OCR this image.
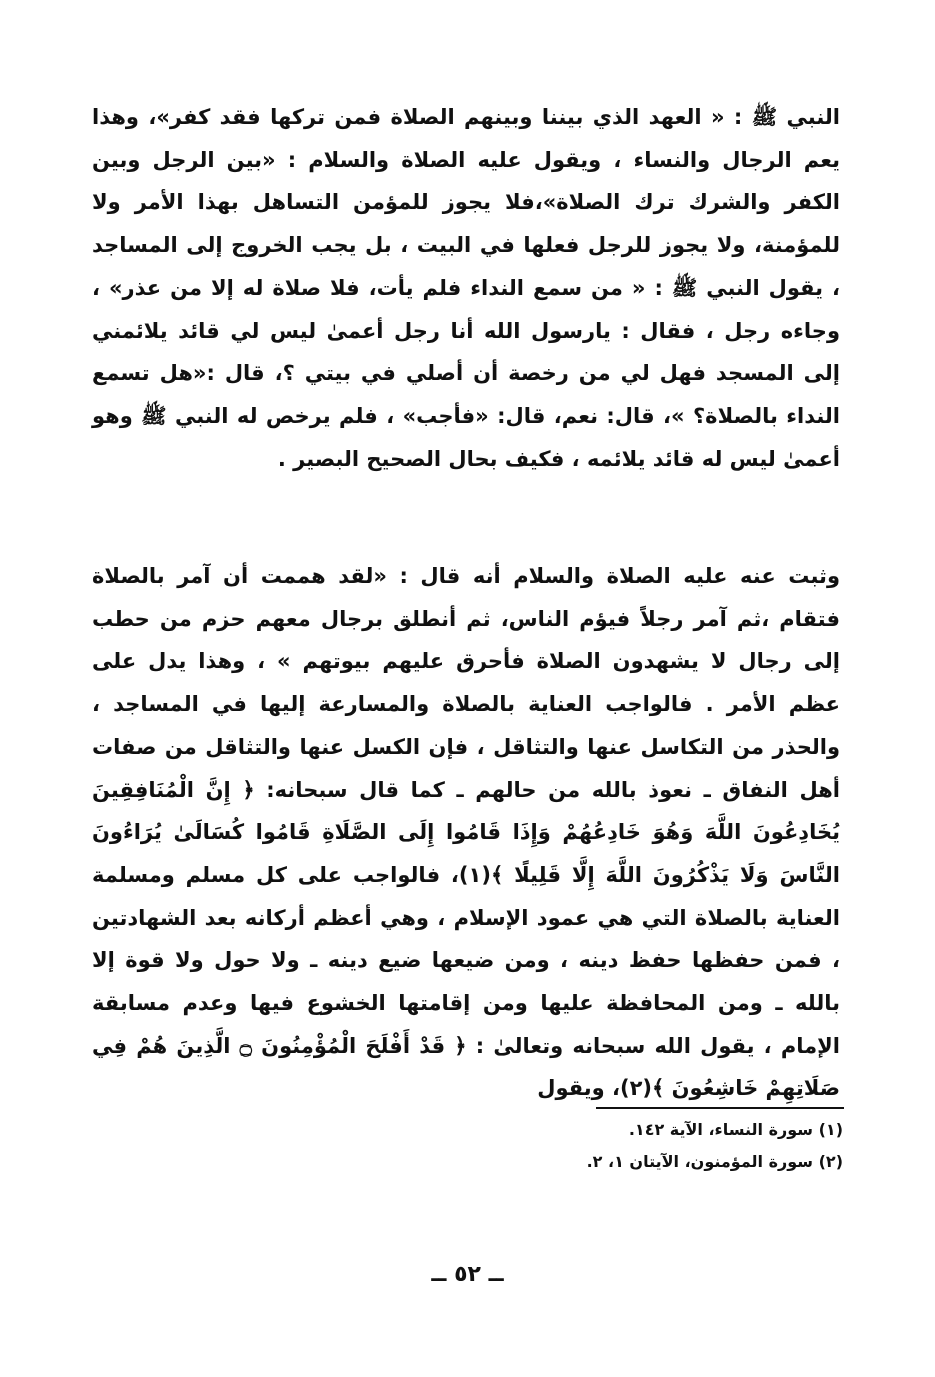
النبي ﷺ : « العهد الذي بيننا وبينهم الصلاة فمن تركها فقد كفر»، وهذا يعم الرجال والنساء ، ويقول عليه الصلاة والسلام : «بين الرجل وبين الكفر والشرك ترك الصلاة»،فلا يجوز للمؤمن التساهل بهذا الأمر ولا للمؤمنة، ولا يجوز للرجل فعلها في البيت ، بل يجب الخروج إلى المساجد ، يقول النبي ﷺ : « من سمع النداء فلم يأت، فلا صلاة له إلا من عذر» ، وجاءه رجل ، فقال : يارسول الله أنا رجل أعمىٰ ليس لي قائد يلائمني إلى المسجد فهل لي من رخصة أن أصلي في بيتي ؟، قال :«هل تسمع النداء بالصلاة؟ »، قال: نعم، قال: «فأجب» ، فلم يرخص له النبي ﷺ وهو أعمىٰ ليس له قائد يلائمه ، فكيف بحال الصحيح البصير .

وثبت عنه عليه الصلاة والسلام أنه قال : «لقد هممت أن آمر بالصلاة فتقام ،ثم آمر رجلاً فيؤم الناس، ثم أنطلق برجال معهم حزم من حطب إلى رجال لا يشهدون الصلاة فأحرق عليهم بيوتهم » ، وهذا يدل على عظم الأمر . فالواجب العناية بالصلاة والمسارعة إليها في المساجد ، والحذر من التكاسل عنها والتثاقل ، فإن الكسل عنها والتثاقل من صفات أهل النفاق ـ نعوذ بالله من حالهم ـ كما قال سبحانه: ﴿ إِنَّ الْمُنَافِقِينَ يُخَادِعُونَ اللَّهَ وَهُوَ خَادِعُهُمْ وَإِذَا قَامُوا إِلَى الصَّلَاةِ قَامُوا كُسَالَىٰ يُرَاءُونَ النَّاسَ وَلَا يَذْكُرُونَ اللَّهَ إِلَّا قَلِيلًا ﴾(١)، فالواجب على كل مسلم ومسلمة العناية بالصلاة التي هي عمود الإسلام ، وهي أعظم أركانه بعد الشهادتين ، فمن حفظها حفظ دينه ، ومن ضيعها ضيع دينه ـ ولا حول ولا قوة إلا بالله ـ ومن المحافظة عليها ومن إقامتها الخشوع فيها وعدم مسابقة الإمام ، يقول الله سبحانه وتعالىٰ : ﴿ قَدْ أَفْلَحَ الْمُؤْمِنُونَ ۝ الَّذِينَ هُمْ فِي صَلَاتِهِمْ خَاشِعُونَ ﴾(٢)، ويقول

(١) سورة النساء، الآية ١٤٢.
(٢) سورة المؤمنون، الآيتان ١، ٢.
ــ ٥٢ ــ
